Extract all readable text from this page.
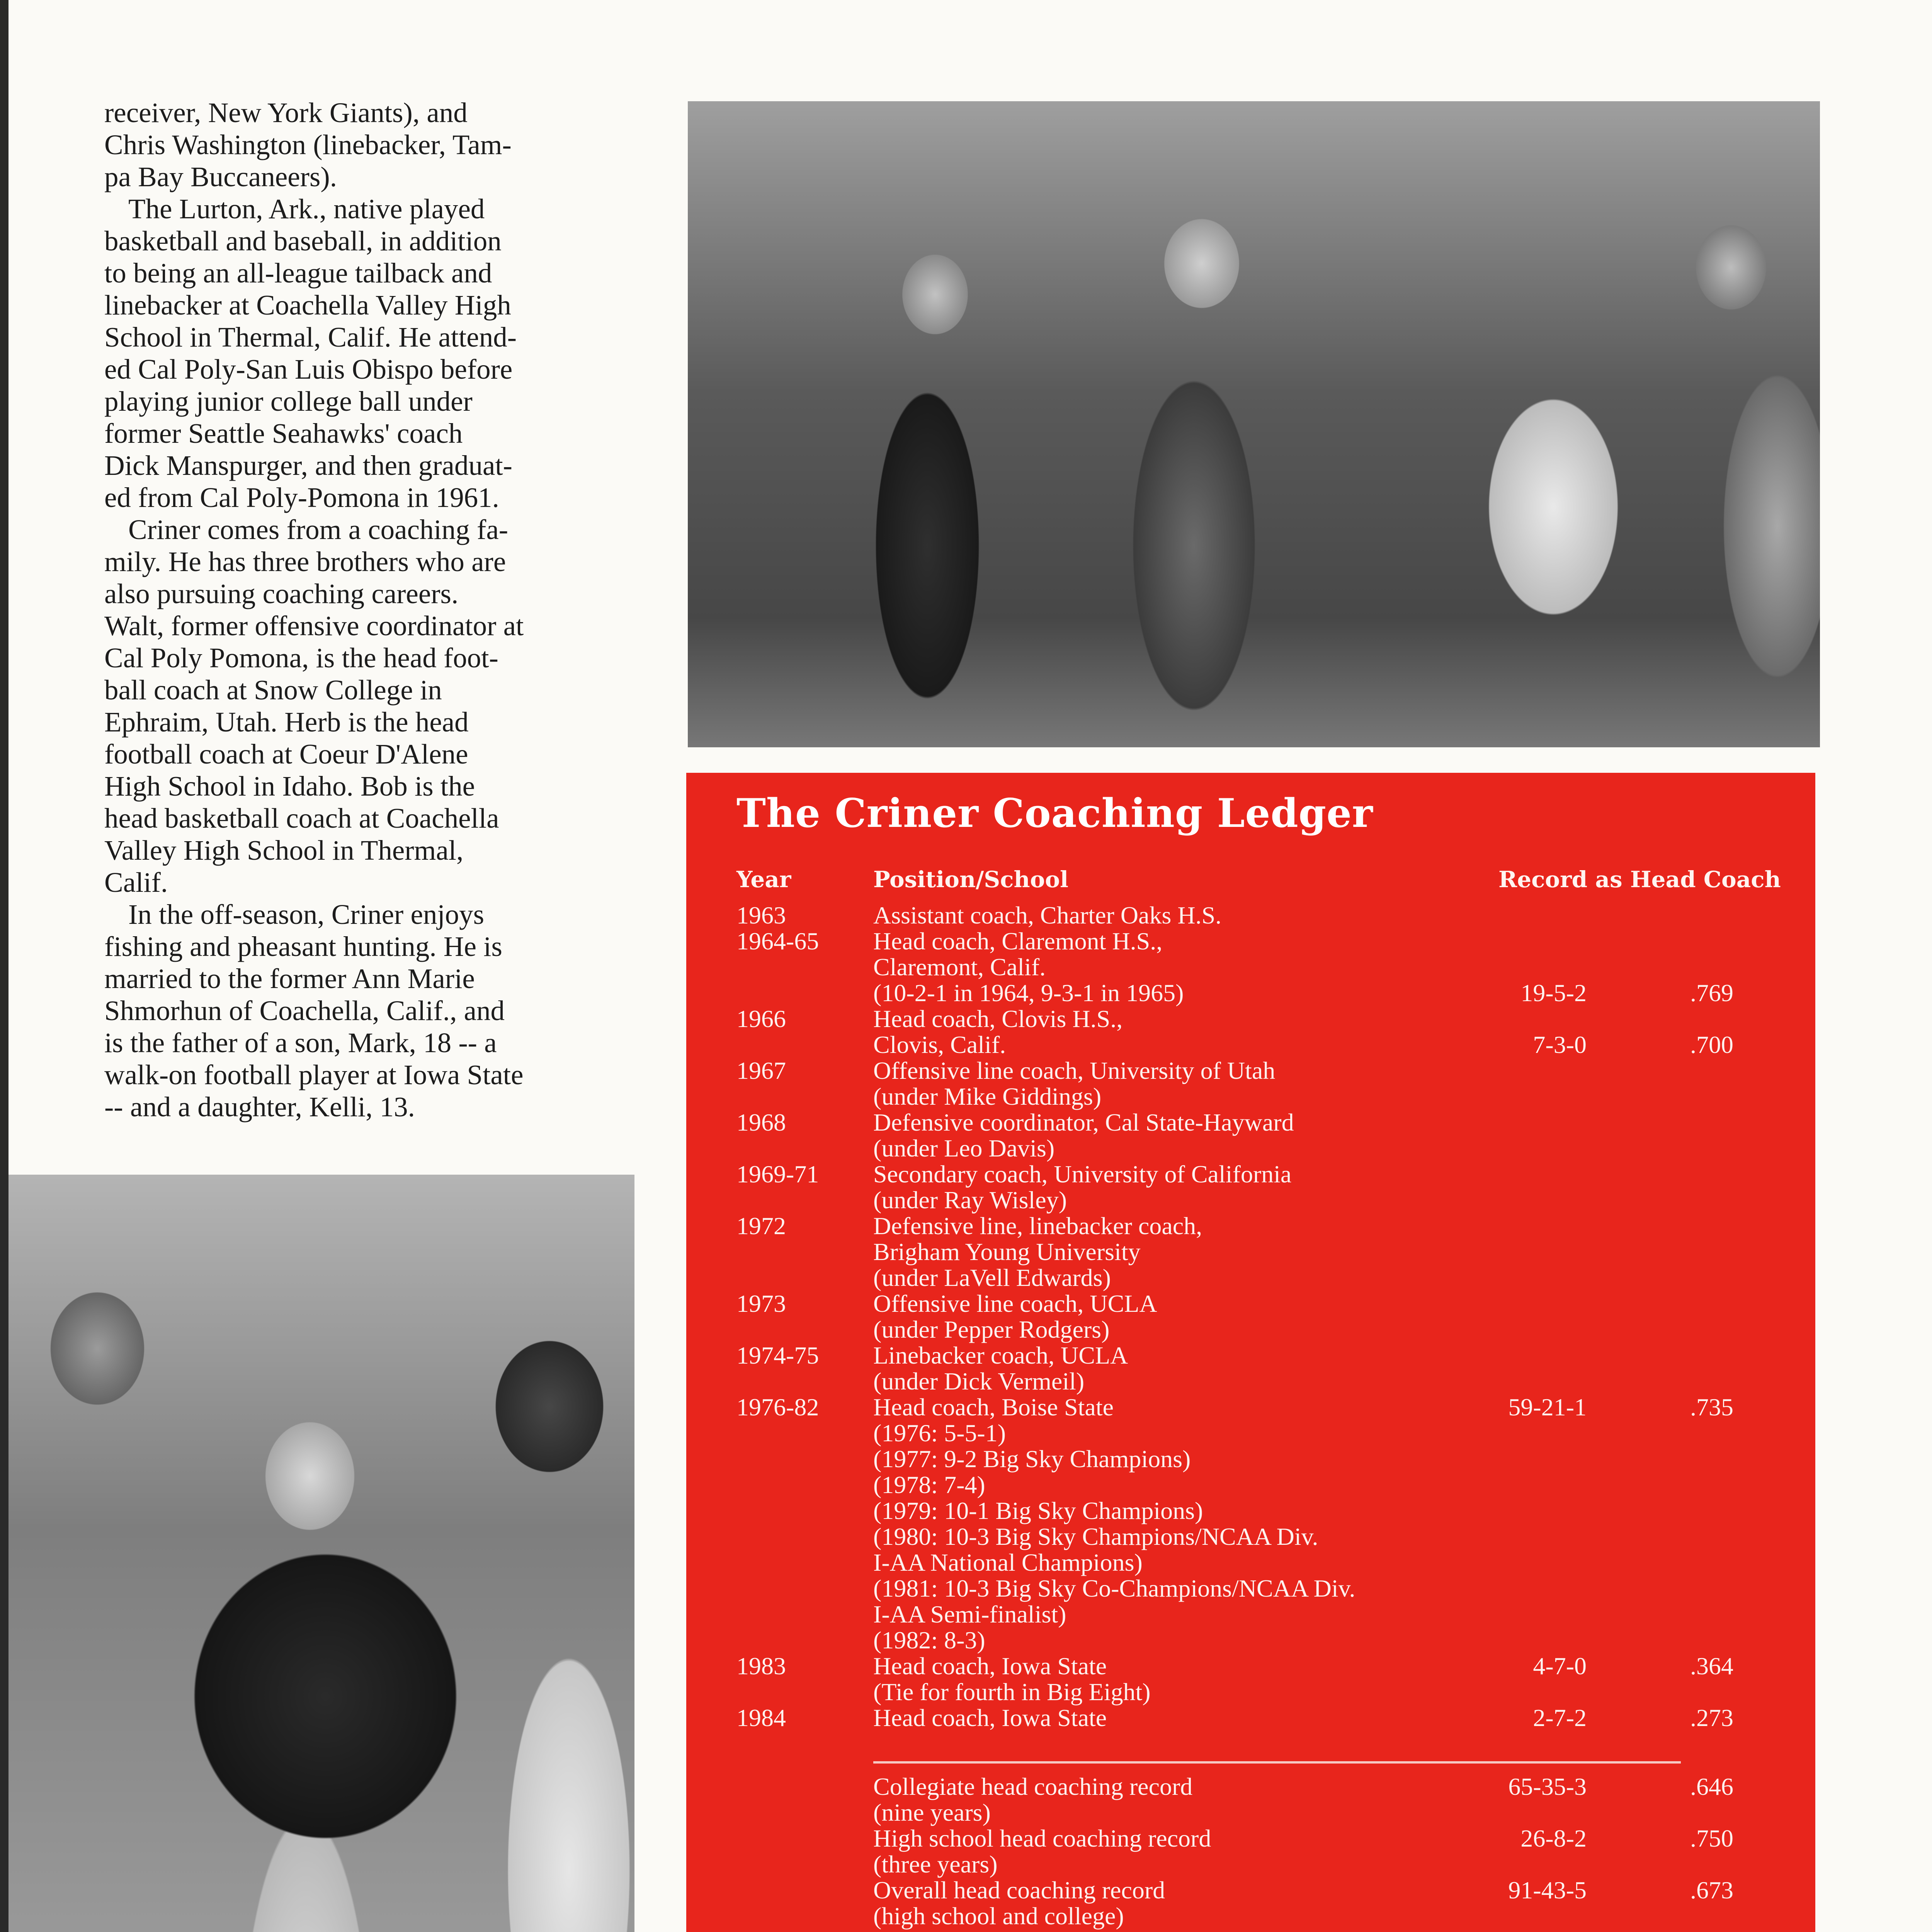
receiver, New York Giants), and
Chris Washington (linebacker, Tam-
pa Bay Buccaneers).

The Lurton, Ark., native played
basketball and baseball, in addition
to being an all-league tailback and
linebacker at Coachella Valley High
School in Thermal, Calif. He attend-
ed Cal Poly-San Luis Obispo before
playing junior college ball under
former Seattle Seahawks' coach
Dick Manspurger, and then graduat-
ed from Cal Poly-Pomona in 1961.

Criner comes from a coaching fa-
mily. He has three brothers who are
also pursuing coaching careers.
Walt, former offensive coordinator at
Cal Poly Pomona, is the head foot-
ball coach at Snow College in
Ephraim, Utah. Herb is the head
football coach at Coeur D'Alene
High School in Idaho. Bob is the
head basketball coach at Coachella
Valley High School in Thermal,
Calif.

In the off-season, Criner enjoys
fishing and pheasant hunting. He is
married to the former Ann Marie
Shmorhun of Coachella, Calif., and
is the father of a son, Mark, 18 -- a
walk-on football player at Iowa State
-- and a daughter, Kelli, 13.

The Criner Coaching Ledger
Year	Position/School	Record as Head Coach
1963	Assistant coach, Charter Oaks H.S.
1964-65	Head coach, Claremont H.S.,
Claremont, Calif.
(10-2-1 in 1964, 9-3-1 in 1965)	19-5-2	.769
1966	Head coach, Clovis H.S.,
Clovis, Calif.	7-3-0	.700
1967	Offensive line coach, University of Utah
(under Mike Giddings)
1968	Defensive coordinator, Cal State-Hayward
(under Leo Davis)
1969-71	Secondary coach, University of California
(under Ray Wisley)
1972	Defensive line, linebacker coach,
Brigham Young University
(under LaVell Edwards)
1973	Offensive line coach, UCLA
(under Pepper Rodgers)
1974-75	Linebacker coach, UCLA
(under Dick Vermeil)
1976-82	Head coach, Boise State
(1976: 5-5-1)
(1977: 9-2 Big Sky Champions)
(1978: 7-4)
(1979: 10-1 Big Sky Champions)
(1980: 10-3 Big Sky Champions/NCAA Div.
I-AA National Champions)
(1981: 10-3 Big Sky Co-Champions/NCAA Div.
I-AA Semi-finalist)
(1982: 8-3)
59-21-1	.735
1983	Head coach, Iowa State
(Tie for fourth in Big Eight)
4-7-0	.364
1984	Head coach, Iowa State	2-7-2	.273
Collegiate head coaching record
(nine years)
65-35-3	.646
High school head coaching record
(three years)
26-8-2	.750
Overall head coaching record
(high school and college)
91-43-5	.673
